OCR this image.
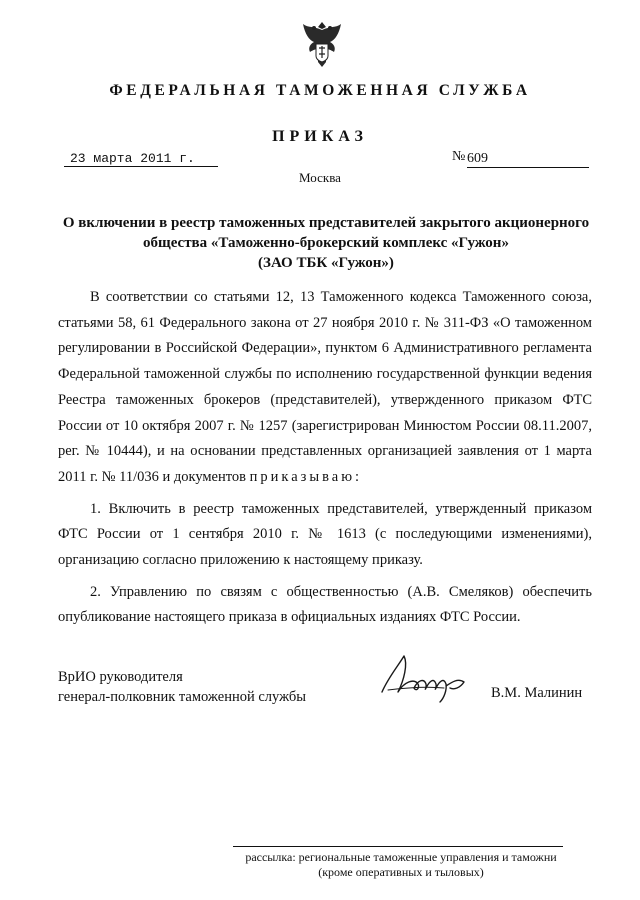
ФЕДЕРАЛЬНАЯ ТАМОЖЕННАЯ СЛУЖБА
ПРИКАЗ
23 марта 2011 г.	№ 609
Москва
О включении в реестр таможенных представителей закрытого акционерного
общества «Таможенно-брокерский комплекс «Гужон»
(ЗАО ТБК «Гужон»)

В соответствии со статьями 12, 13 Таможенного кодекса Таможенного союза, статьями 58, 61 Федерального закона от 27 ноября 2010 г. № 311-ФЗ «О таможенном регулировании в Российской Федерации», пунктом 6 Административного регламента Федеральной таможенной службы по исполнению государственной функции ведения Реестра таможенных брокеров (представителей), утвержденного приказом ФТС России от 10 октября 2007 г. № 1257 (зарегистрирован Минюстом России 08.11.2007, рег. № 10444), и на основании представленных организацией заявления от 1 марта 2011 г. № 11/036 и документов приказываю:

1. Включить в реестр таможенных представителей, утвержденный приказом ФТС России от 1 сентября 2010 г. № 1613 (с последующими изменениями), организацию согласно приложению к настоящему приказу.

2. Управлению по связям с общественностью (А.В. Смеляков) обеспечить опубликование настоящего приказа в официальных изданиях ФТС России.

ВрИО руководителя
генерал-полковник таможенной службы	В.М. Малинин
рассылка: региональные таможенные управления и таможни
(кроме оперативных и тыловых)
